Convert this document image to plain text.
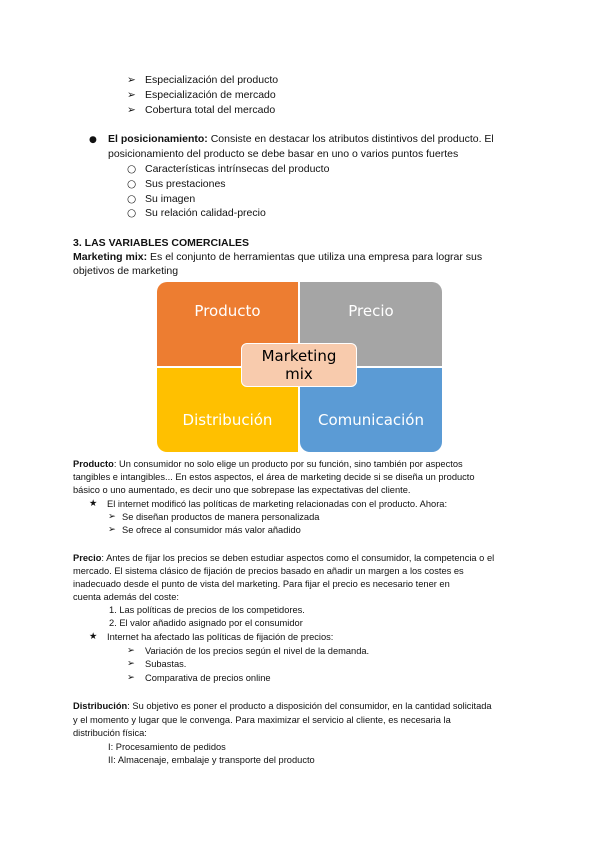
➢ Especialización del producto
➢ Especialización de mercado
➢ Cobertura total del mercado
● El posicionamiento: Consiste en destacar los atributos distintivos del producto. El
posicionamiento del producto se debe basar en uno o varios puntos fuertes
○ Características intrínsecas del producto
○ Sus prestaciones
○ Su imagen
○ Su relación calidad-precio
3. LAS VARIABLES COMERCIALES
Marketing mix: Es el conjunto de herramientas que utiliza una empresa para lograr sus
objetivos de marketing
Producto	Precio
Distribución	Comunicación
Marketing
mix
Producto: Un consumidor no solo elige un producto por su función, sino también por aspectos
tangibles e intangibles... En estos aspectos, el área de marketing decide si se diseña un producto
básico o uno aumentado, es decir uno que sobrepase las expectativas del cliente.
★ El internet modificó las políticas de marketing relacionadas con el producto. Ahora:
➢ Se diseñan productos de manera personalizada
➢ Se ofrece al consumidor más valor añadido
Precio: Antes de fijar los precios se deben estudiar aspectos como el consumidor, la competencia o el
mercado. El sistema clásico de fijación de precios basado en añadir un margen a los costes es
inadecuado desde el punto de vista del marketing. Para fijar el precio es necesario tener en
cuenta además del coste:
1. Las políticas de precios de los competidores.
2. El valor añadido asignado por el consumidor
★ Internet ha afectado las políticas de fijación de precios:
➢ Variación de los precios según el nivel de la demanda.
➢ Subastas.
➢ Comparativa de precios online
Distribución: Su objetivo es poner el producto a disposición del consumidor, en la cantidad solicitada
y el momento y lugar que le convenga. Para maximizar el servicio al cliente, es necesaria la
distribución física:
I: Procesamiento de pedidos
II: Almacenaje, embalaje y transporte del producto
